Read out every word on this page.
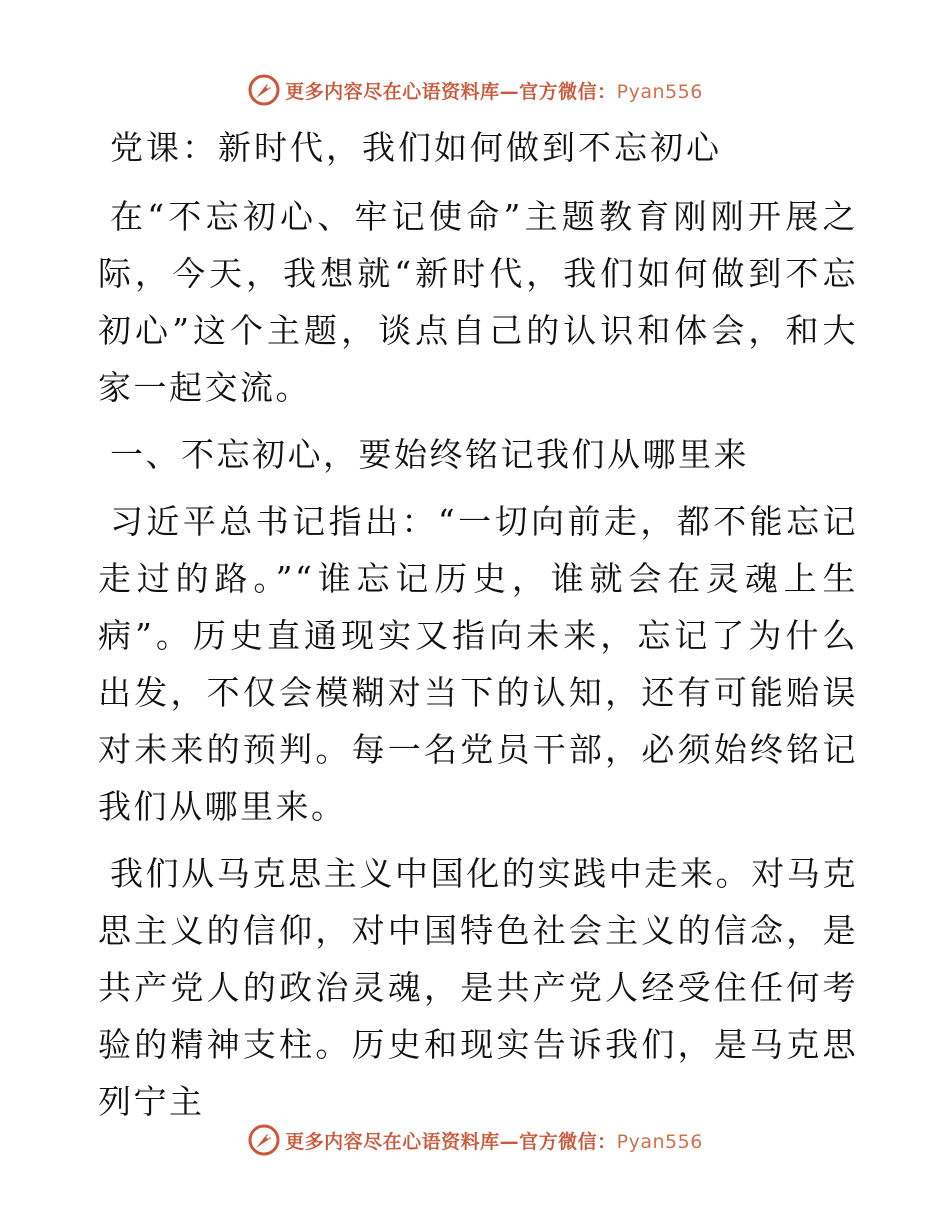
更多内容尽在心语资料库—官方微信：Pyan556
党课：新时代，我们如何做到不忘初心

在“不忘初心、牢记使命”主题教育刚刚开展之际，今天，我想就“新时代，我们如何做到不忘初心”这个主题，谈点自己的认识和体会，和大家一起交流。

一、不忘初心，要始终铭记我们从哪里来

习近平总书记指出：“一切向前走，都不能忘记走过的路。”“谁忘记历史，谁就会在灵魂上生病”。历史直通现实又指向未来，忘记了为什么出发，不仅会模糊对当下的认知，还有可能贻误对未来的预判。每一名党员干部，必须始终铭记我们从哪里来。

我们从马克思主义中国化的实践中走来。对马克思主义的信仰，对中国特色社会主义的信念，是共产党人的政治灵魂，是共产党人经受住任何考验的精神支柱。历史和现实告诉我们，是马克思列宁主

更多内容尽在心语资料库—官方微信：Pyan556
